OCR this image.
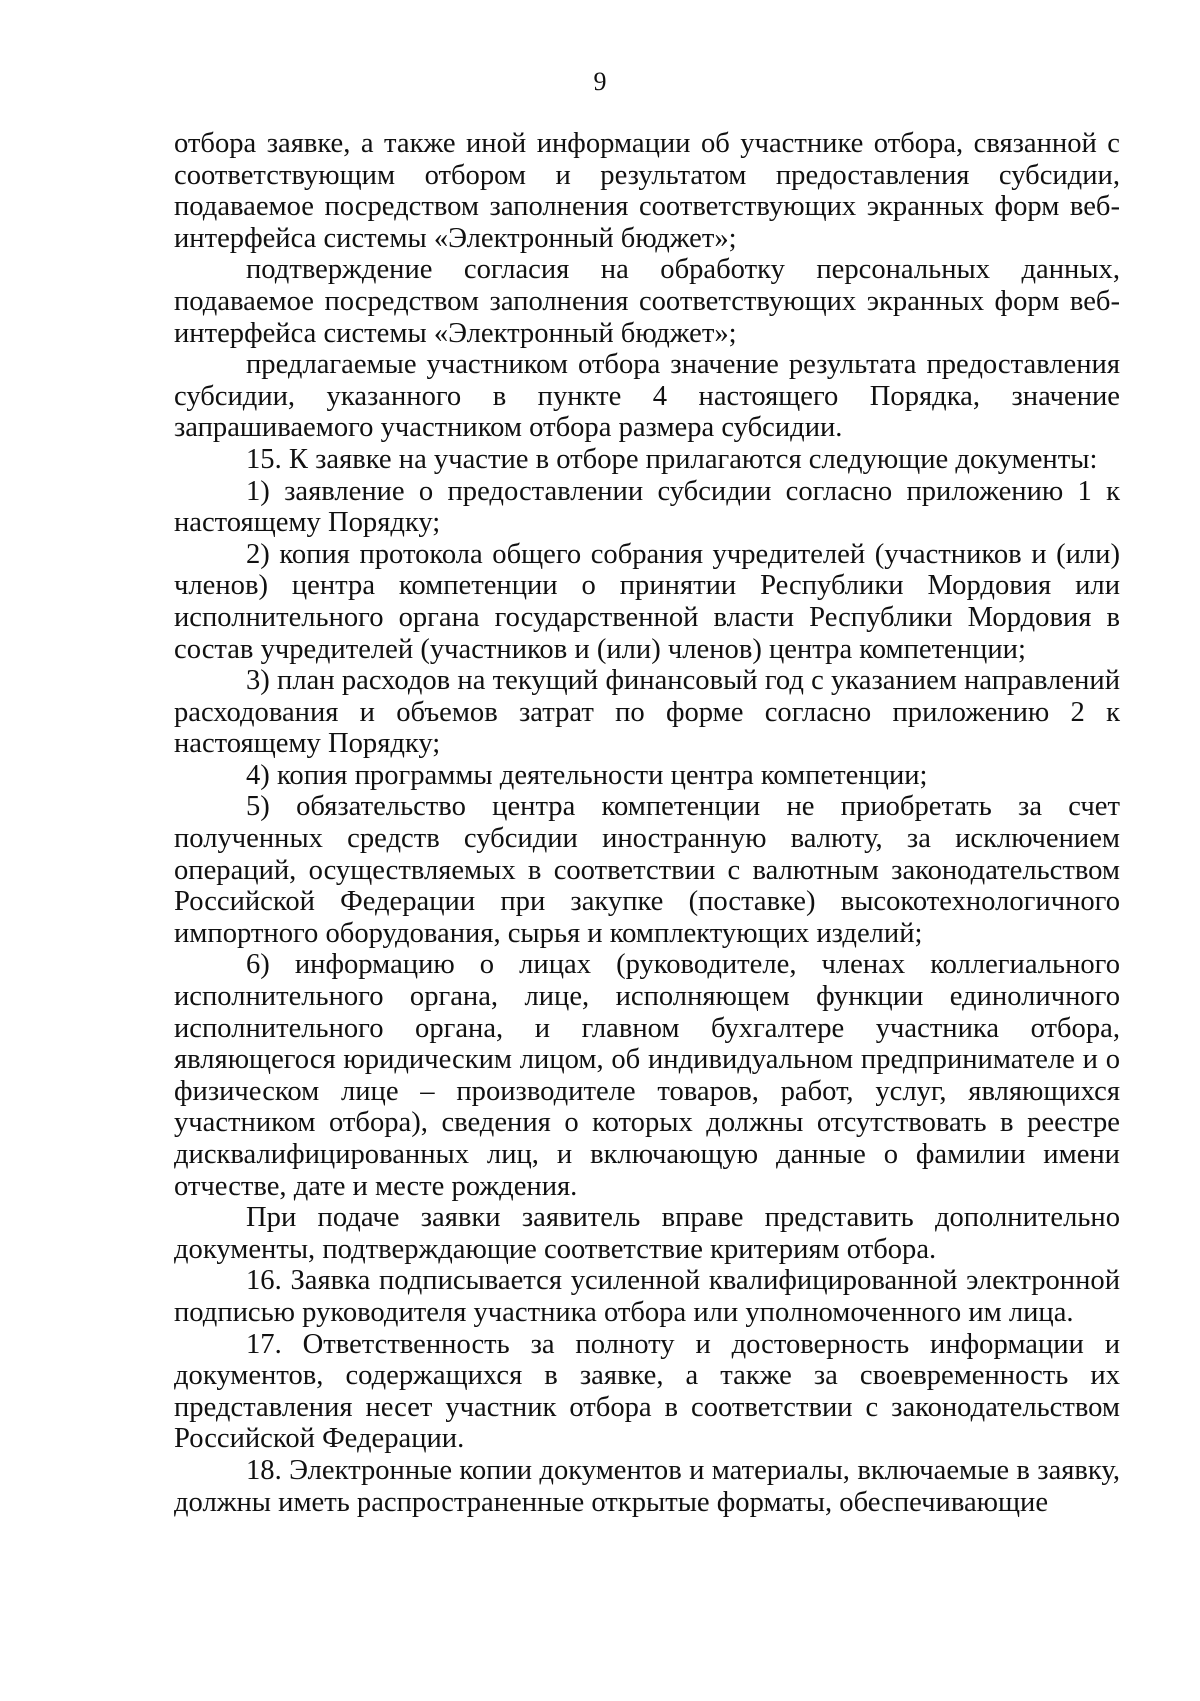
9

отбора заявке, а также иной информации об участнике отбора, связанной с соответствующим отбором и результатом предоставления субсидии, подаваемое посредством заполнения соответствующих экранных форм веб-интерфейса системы «Электронный бюджет»;

подтверждение согласия на обработку персональных данных, подаваемое посредством заполнения соответствующих экранных форм веб-интерфейса системы «Электронный бюджет»;

предлагаемые участником отбора значение результата предоставления субсидии, указанного в пункте 4 настоящего Порядка, значение запрашиваемого участником отбора размера субсидии.

15. К заявке на участие в отборе прилагаются следующие документы:

1) заявление о предоставлении субсидии согласно приложению 1 к настоящему Порядку;

2) копия протокола общего собрания учредителей (участников и (или) членов) центра компетенции о принятии Республики Мордовия или исполнительного органа государственной власти Республики Мордовия в состав учредителей (участников и (или) членов) центра компетенции;

3) план расходов на текущий финансовый год с указанием направлений расходования и объемов затрат по форме согласно приложению 2 к настоящему Порядку;

4) копия программы деятельности центра компетенции;

5) обязательство центра компетенции не приобретать за счет полученных средств субсидии иностранную валюту, за исключением операций, осуществляемых в соответствии с валютным законодательством Российской Федерации при закупке (поставке) высокотехнологичного импортного оборудования, сырья и комплектующих изделий;

6) информацию о лицах (руководителе, членах коллегиального исполнительного органа, лице, исполняющем функции единоличного исполнительного органа, и главном бухгалтере участника отбора, являющегося юридическим лицом, об индивидуальном предпринимателе и о физическом лице – производителе товаров, работ, услуг, являющихся участником отбора), сведения о которых должны отсутствовать в реестре дисквалифицированных лиц, и включающую данные о фамилии имени отчестве, дате и месте рождения.

При подаче заявки заявитель вправе представить дополнительно документы, подтверждающие соответствие критериям отбора.

16. Заявка подписывается усиленной квалифицированной электронной подписью руководителя участника отбора или уполномоченного им лица.

17. Ответственность за полноту и достоверность информации и документов, содержащихся в заявке, а также за своевременность их представления несет участник отбора в соответствии с законодательством Российской Федерации.

18. Электронные копии документов и материалы, включаемые в заявку, должны иметь распространенные открытые форматы, обеспечивающие
